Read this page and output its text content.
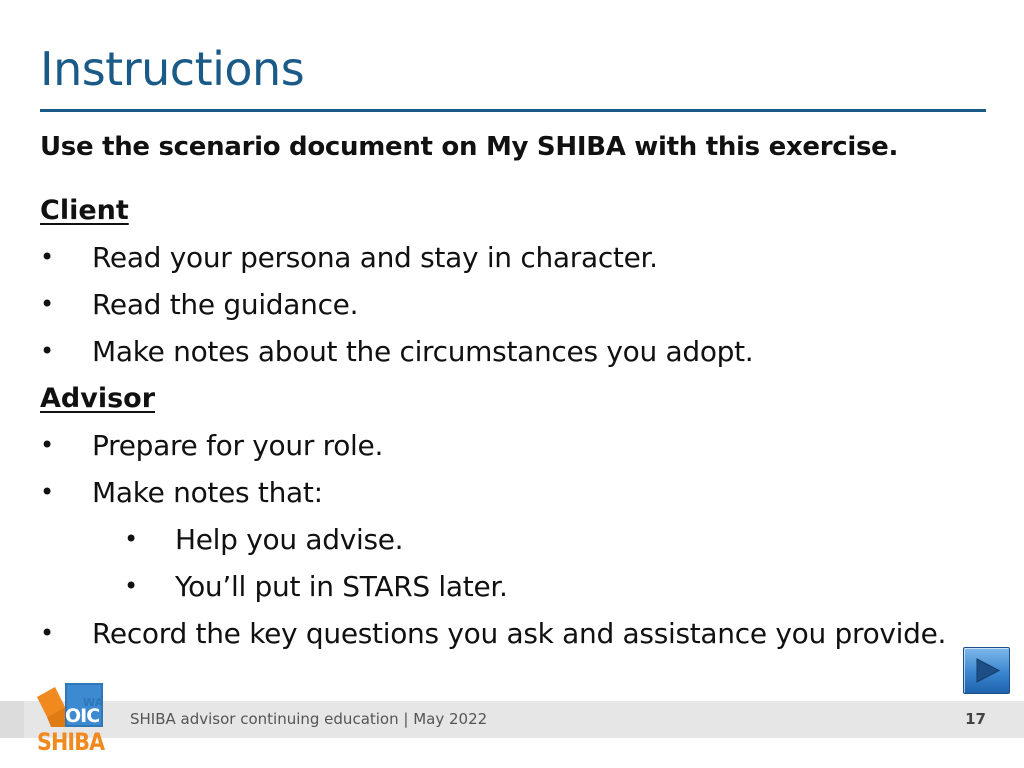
Instructions
Use the scenario document on My SHIBA with this exercise.
Client
• Read your persona and stay in character.
• Read the guidance.
• Make notes about the circumstances you adopt.
Advisor
• Prepare for your role.
• Make notes that:
• Help you advise.
• You’ll put in STARS later.
• Record the key questions you ask and assistance you provide.
SHIBA advisor continuing education | May 2022	17
WA
OIC
SHIBA
